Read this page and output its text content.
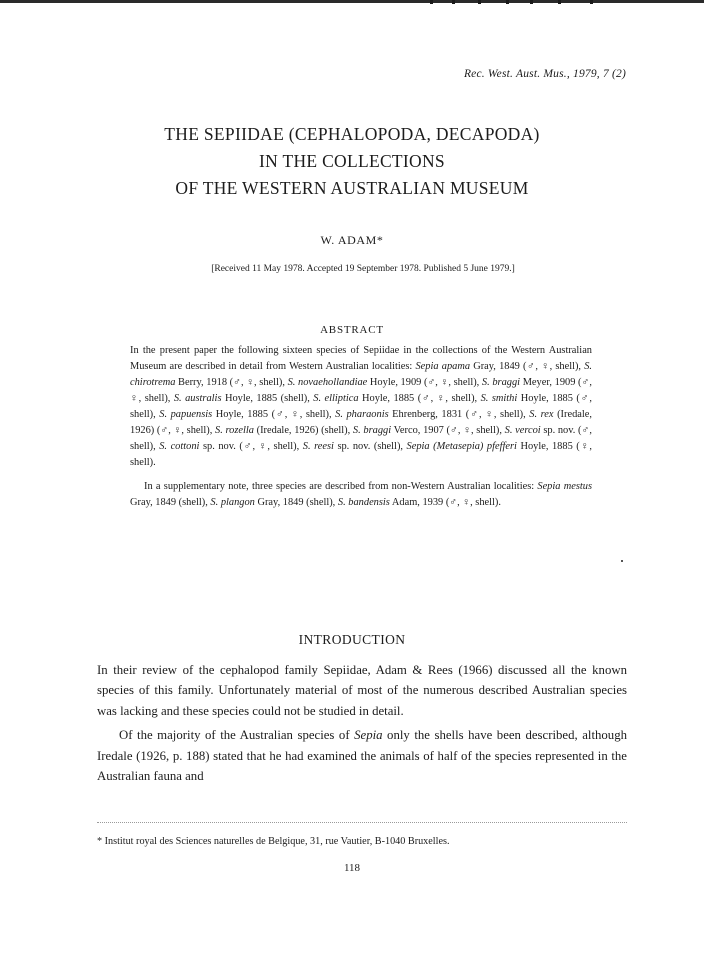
Rec. West. Aust. Mus., 1979, 7 (2)
THE SEPIIDAE (CEPHALOPODA, DECAPODA)
IN THE COLLECTIONS
OF THE WESTERN AUSTRALIAN MUSEUM
W. ADAM*
[Received 11 May 1978. Accepted 19 September 1978. Published 5 June 1979.]
ABSTRACT

In the present paper the following sixteen species of Sepiidae in the collections of the Western Australian Museum are described in detail from Western Australian localities: Sepia apama Gray, 1849 (♂, ♀, shell), S. chirotrema Berry, 1918 (♂, ♀, shell), S. novaehollandiae Hoyle, 1909 (♂, ♀, shell), S. braggi Meyer, 1909 (♂, ♀, shell), S. australis Hoyle, 1885 (shell), S. elliptica Hoyle, 1885 (♂, ♀, shell), S. smithi Hoyle, 1885 (♂, shell), S. papuensis Hoyle, 1885 (♂, ♀, shell), S. pharaonis Ehrenberg, 1831 (♂, ♀, shell), S. rex (Iredale, 1926) (♂, ♀, shell), S. rozella (Iredale, 1926) (shell), S. braggi Verco, 1907 (♂, ♀, shell), S. vercoi sp. nov. (♂, shell), S. cottoni sp. nov. (♂, ♀, shell), S. reesi sp. nov. (shell), Sepia (Metasepia) pfefferi Hoyle, 1885 (♀, shell).

In a supplementary note, three species are described from non-Western Australian localities: Sepia mestus Gray, 1849 (shell), S. plangon Gray, 1849 (shell), S. bandensis Adam, 1939 (♂, ♀, shell).

INTRODUCTION

In their review of the cephalopod family Sepiidae, Adam & Rees (1966) discussed all the known species of this family. Unfortunately material of most of the numerous described Australian species was lacking and these species could not be studied in detail.

Of the majority of the Australian species of Sepia only the shells have been described, although Iredale (1926, p. 188) stated that he had examined the animals of half of the species represented in the Australian fauna and

* Institut royal des Sciences naturelles de Belgique, 31, rue Vautier, B-1040 Bruxelles.
118
